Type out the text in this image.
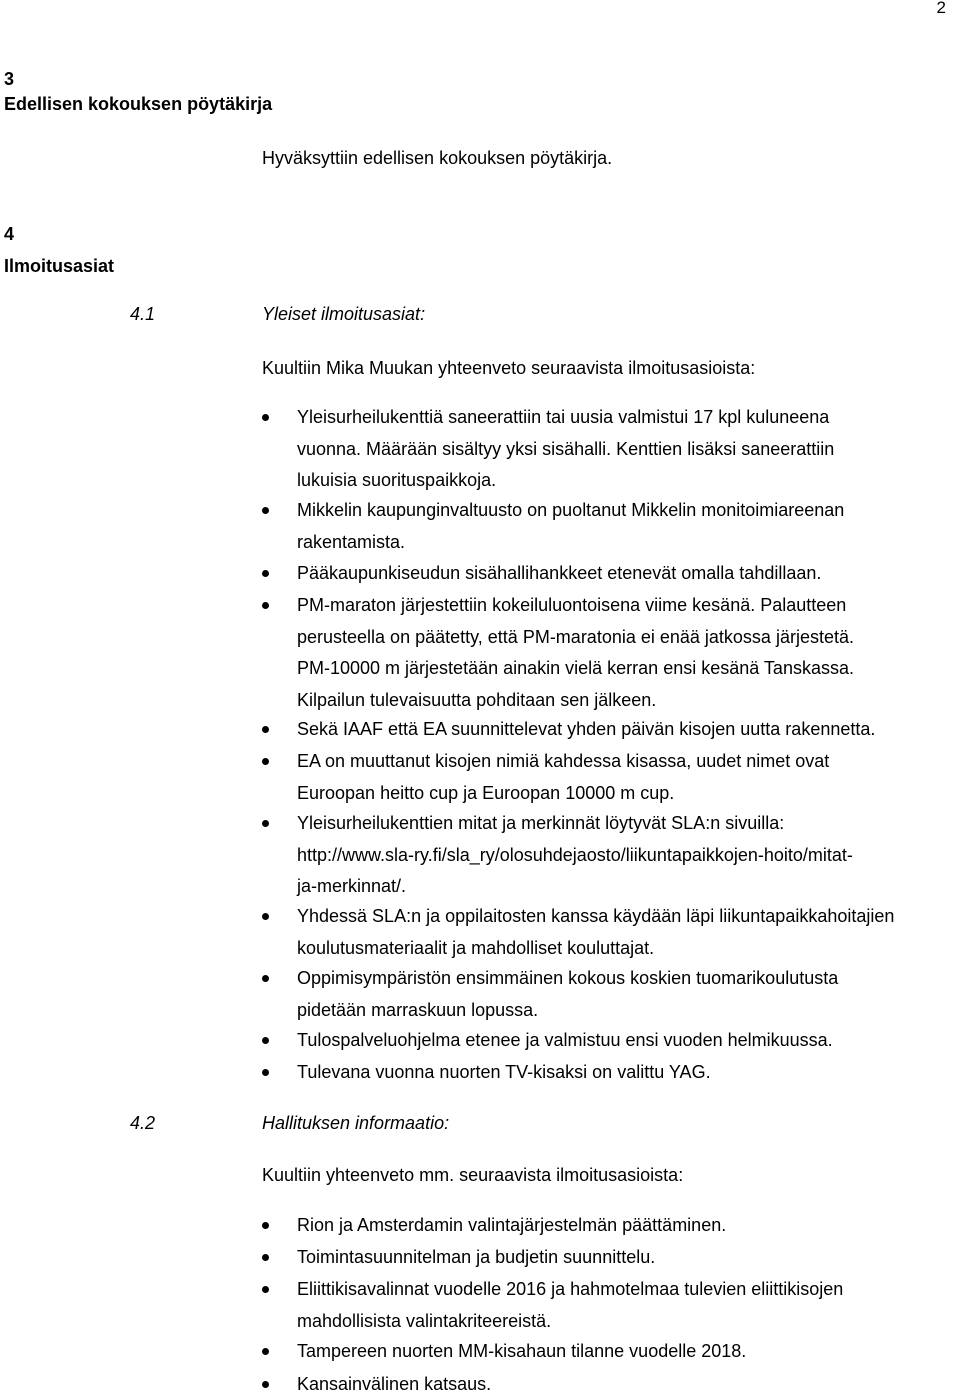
2
3
Edellisen kokouksen pöytäkirja
Hyväksyttiin edellisen kokouksen pöytäkirja.
4
Ilmoitusasiat
4.1	Yleiset ilmoitusasiat:
Kuultiin Mika Muukan yhteenveto seuraavista ilmoitusasioista:
Yleisurheilukenttiä saneerattiin tai uusia valmistui 17 kpl kuluneena
vuonna. Määrään sisältyy yksi sisähalli. Kenttien lisäksi saneerattiin
lukuisia suorituspaikkoja.
Mikkelin kaupunginvaltuusto on puoltanut Mikkelin monitoimiareenan
rakentamista.
Pääkaupunkiseudun sisähallihankkeet etenevät omalla tahdillaan.
PM-maraton järjestettiin kokeiluluontoisena viime kesänä. Palautteen
perusteella on päätetty, että PM-maratonia ei enää jatkossa järjestetä.
PM-10000 m järjestetään ainakin vielä kerran ensi kesänä Tanskassa.
Kilpailun tulevaisuutta pohditaan sen jälkeen.
Sekä IAAF että EA suunnittelevat yhden päivän kisojen uutta rakennetta.
EA on muuttanut kisojen nimiä kahdessa kisassa, uudet nimet ovat
Euroopan heitto cup ja Euroopan 10000 m cup.
Yleisurheilukenttien mitat ja merkinnät löytyvät SLA:n sivuilla:
http://www.sla-ry.fi/sla_ry/olosuhdejaosto/liikuntapaikkojen-hoito/mitat-
ja-merkinnat/.
Yhdessä SLA:n ja oppilaitosten kanssa käydään läpi liikuntapaikkahoitajien
koulutusmateriaalit ja mahdolliset kouluttajat.
Oppimisympäristön ensimmäinen kokous koskien tuomarikoulutusta
pidetään marraskuun lopussa.
Tulospalveluohjelma etenee ja valmistuu ensi vuoden helmikuussa.
Tulevana vuonna nuorten TV-kisaksi on valittu YAG.
4.2	Hallituksen informaatio:
Kuultiin yhteenveto mm. seuraavista ilmoitusasioista:
Rion ja Amsterdamin valintajärjestelmän päättäminen.
Toimintasuunnitelman ja budjetin suunnittelu.
Eliittikisavalinnat vuodelle 2016 ja hahmotelmaa tulevien eliittikisojen
mahdollisista valintakriteereistä.
Tampereen nuorten MM-kisahaun tilanne vuodelle 2018.
Kansainvälinen katsaus.
